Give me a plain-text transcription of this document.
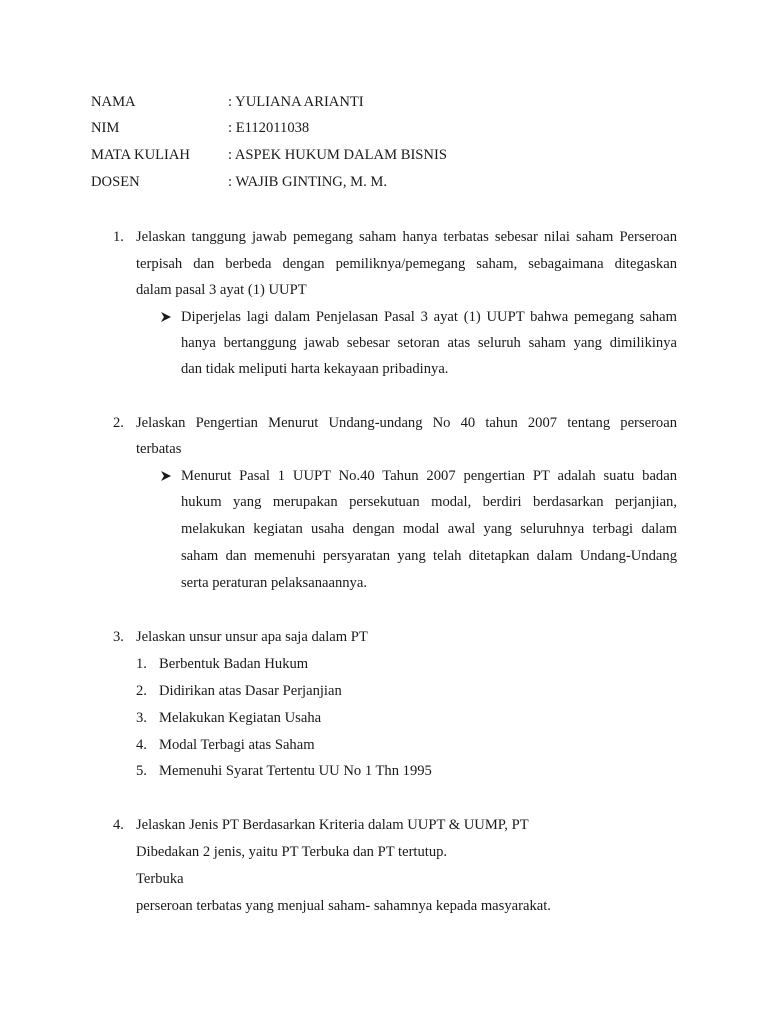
NAMA	: YULIANA ARIANTI
NIM	: E112011038
MATA KULIAH	: ASPEK HUKUM DALAM BISNIS
DOSEN	: WAJIB GINTING, M. M.
1. Jelaskan tanggung jawab pemegang saham hanya terbatas sebesar nilai saham Perseroan
terpisah dan berbeda dengan pemiliknya/pemegang saham, sebagaimana ditegaskan
dalam pasal 3 ayat (1) UUPT
Diperjelas lagi dalam Penjelasan Pasal 3 ayat (1) UUPT bahwa pemegang saham
hanya bertanggung jawab sebesar setoran atas seluruh saham yang dimilikinya
dan tidak meliputi harta kekayaan pribadinya.
2. Jelaskan Pengertian Menurut Undang-undang No 40 tahun 2007 tentang perseroan
terbatas
Menurut Pasal 1 UUPT No.40 Tahun 2007 pengertian PT adalah suatu badan
hukum yang merupakan persekutuan modal, berdiri berdasarkan perjanjian,
melakukan kegiatan usaha dengan modal awal yang seluruhnya terbagi dalam
saham dan memenuhi persyaratan yang telah ditetapkan dalam Undang-Undang
serta peraturan pelaksanaannya.
3. Jelaskan unsur unsur apa saja dalam PT
1. Berbentuk Badan Hukum
2. Didirikan atas Dasar Perjanjian
3. Melakukan Kegiatan Usaha
4. Modal Terbagi atas Saham
5. Memenuhi Syarat Tertentu UU No 1 Thn 1995
4. Jelaskan Jenis PT Berdasarkan Kriteria dalam UUPT & UUMP, PT
Dibedakan 2 jenis, yaitu PT Terbuka dan PT tertutup.
Terbuka
perseroan terbatas yang menjual saham- sahamnya kepada masyarakat.
